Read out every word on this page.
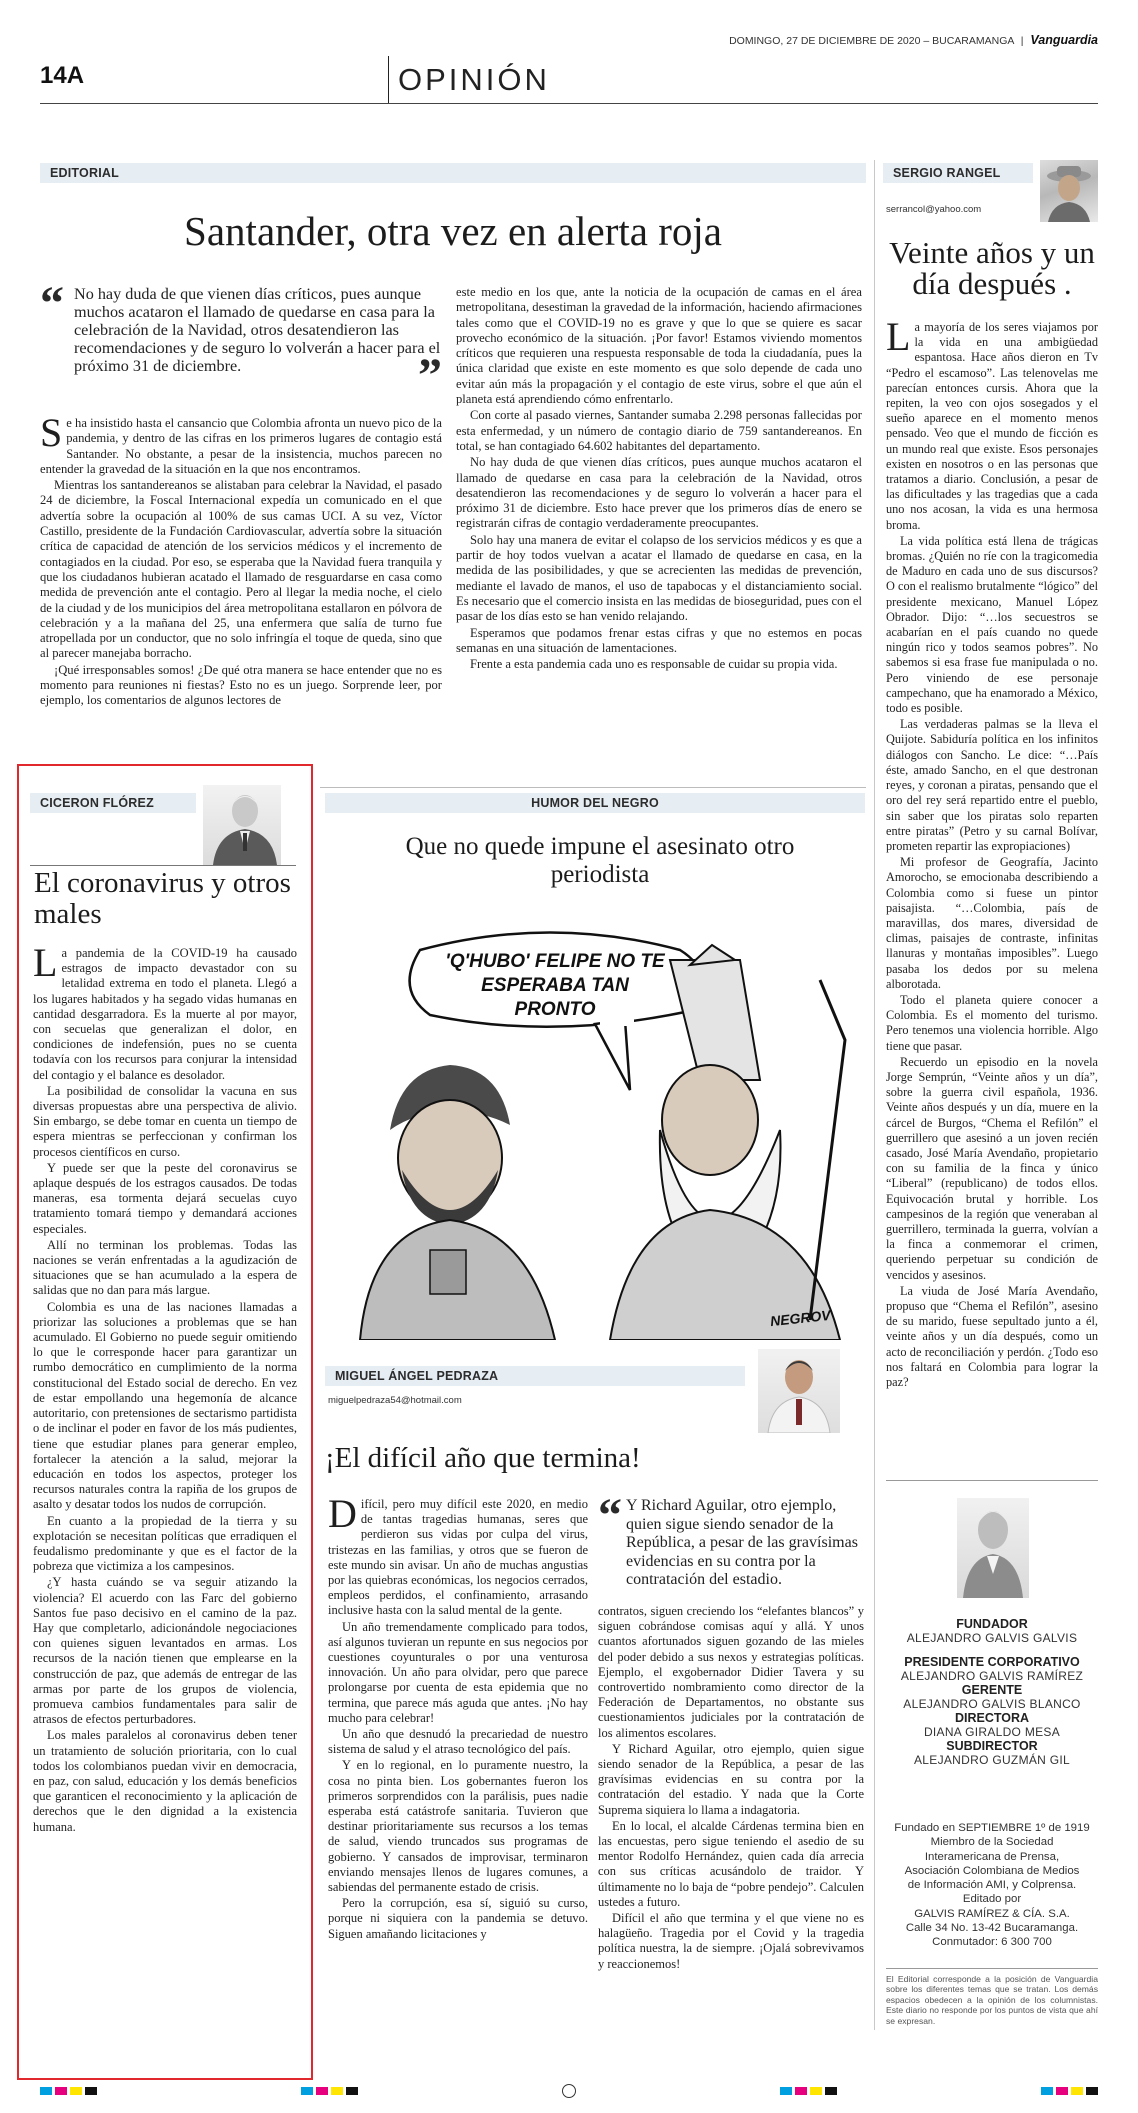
14A	OPINIÓN
DOMINGO, 27 DE DICIEMBRE DE 2020 – BUCARAMANGA | Vanguardia
EDITORIAL
Santander, otra vez en alerta roja
“ No hay duda de que vienen días críticos, pues aunque muchos acataron el llamado de quedarse en casa para la celebración de la Navidad, otros desatendieron las recomendaciones y de seguro lo volverán a hacer para el próximo 31 de diciembre.	”

Se ha insistido hasta el cansancio que Colombia afronta un nuevo pico de la pandemia, y dentro de las cifras en los primeros lugares de contagio está Santander. No obstante, a pesar de la insistencia, muchos parecen no entender la gravedad de la situación en la que nos encontramos.

Mientras los santandereanos se alistaban para celebrar la Navidad, el pasado 24 de diciembre, la Foscal Internacional expedía un comunicado en el que advertía sobre la ocupación al 100% de sus camas UCI. A su vez, Víctor Castillo, presidente de la Fundación Cardiovascular, advertía sobre la situación crítica de capacidad de atención de los servicios médicos y el incremento de contagiados en la ciudad. Por eso, se esperaba que la Navidad fuera tranquila y que los ciudadanos hubieran acatado el llamado de resguardarse en casa como medida de prevención ante el contagio. Pero al llegar la media noche, el cielo de la ciudad y de los municipios del área metropolitana estallaron en pólvora de celebración y a la mañana del 25, una enfermera que salía de turno fue atropellada por un conductor, que no solo infringía el toque de queda, sino que al parecer manejaba borracho.

¡Qué irresponsables somos! ¿De qué otra manera se hace entender que no es momento para reuniones ni fiestas? Esto no es un juego. Sorprende leer, por ejemplo, los comentarios de algunos lectores de

este medio en los que, ante la noticia de la ocupación de camas en el área metropolitana, desestiman la gravedad de la información, haciendo afirmaciones tales como que el COVID-19 no es grave y que lo que se quiere es sacar provecho económico de la situación. ¡Por favor! Estamos viviendo momentos críticos que requieren una respuesta responsable de toda la ciudadanía, pues la única claridad que existe en este momento es que solo depende de cada uno evitar aún más la propagación y el contagio de este virus, sobre el que aún el planeta está aprendiendo cómo enfrentarlo.

Con corte al pasado viernes, Santander sumaba 2.298 personas fallecidas por esta enfermedad, y un número de contagio diario de 759 santandereanos. En total, se han contagiado 64.602 habitantes del departamento.

No hay duda de que vienen días críticos, pues aunque muchos acataron el llamado de quedarse en casa para la celebración de la Navidad, otros desatendieron las recomendaciones y de seguro lo volverán a hacer para el próximo 31 de diciembre. Esto hace prever que los primeros días de enero se registrarán cifras de contagio verdaderamente preocupantes.

Solo hay una manera de evitar el colapso de los servicios médicos y es que a partir de hoy todos vuelvan a acatar el llamado de quedarse en casa, en la medida de las posibilidades, y que se acrecienten las medidas de prevención, mediante el lavado de manos, el uso de tapabocas y el distanciamiento social. Es necesario que el comercio insista en las medidas de bioseguridad, pues con el pasar de los días esto se han venido relajando.

Esperamos que podamos frenar estas cifras y que no estemos en pocas semanas en una situación de lamentaciones.

Frente a esta pandemia cada uno es responsable de cuidar su propia vida.

SERGIO RANGEL
serrancol@yahoo.com
Veinte años y un día después .

La mayoría de los seres viajamos por la vida en una ambigüedad espantosa. Hace años dieron en Tv “Pedro el escamoso”. Las telenovelas me parecían entonces cursis. Ahora que la repiten, la veo con ojos sosegados y el sueño aparece en el momento menos pensado. Veo que el mundo de ficción es un mundo real que existe. Esos personajes existen en nosotros o en las personas que tratamos a diario. Conclusión, a pesar de las dificultades y las tragedias que a cada uno nos acosan, la vida es una hermosa broma.

La vida política está llena de trágicas bromas. ¿Quién no ríe con la tragicomedia de Maduro en cada uno de sus discursos? O con el realismo brutalmente “lógico” del presidente mexicano, Manuel López Obrador. Dijo: “…los secuestros se acabarían en el país cuando no quede ningún rico y todos seamos pobres”. No sabemos si esa frase fue manipulada o no. Pero viniendo de ese personaje campechano, que ha enamorado a México, todo es posible.

Las verdaderas palmas se la lleva el Quijote. Sabiduría política en los infinitos diálogos con Sancho. Le dice: “…País éste, amado Sancho, en el que destronan reyes, y coronan a piratas, pensando que el oro del rey será repartido entre el pueblo, sin saber que los piratas solo reparten entre piratas” (Petro y su carnal Bolívar, prometen repartir las expropiaciones)

Mi profesor de Geografía, Jacinto Amorocho, se emocionaba describiendo a Colombia como si fuese un pintor paisajista. “…Colombia, país de maravillas, dos mares, diversidad de climas, paisajes de contraste, infinitas llanuras y montañas imposibles”. Luego pasaba los dedos por su melena alborotada.

Todo el planeta quiere conocer a Colombia. Es el momento del turismo. Pero tenemos una violencia horrible. Algo tiene que pasar.

Recuerdo un episodio en la novela Jorge Semprún, “Veinte años y un día”, sobre la guerra civil española, 1936. Veinte años después y un día, muere en la cárcel de Burgos, “Chema el Refilón” el guerrillero que asesinó a un joven recién casado, José María Avendaño, propietario con su familia de la finca y único “Liberal” (republicano) de todos ellos. Equivocación brutal y horrible. Los campesinos de la región que veneraban al guerrillero, terminada la guerra, volvían a la finca a conmemorar el crimen, queriendo perpetuar su condición de vencidos y asesinos.

La viuda de José María Avendaño, propuso que “Chema el Refilón”, asesino de su marido, fuese sepultado junto a él, veinte años y un día después, como un acto de reconciliación y perdón. ¿Todo eso nos faltará en Colombia para lograr la paz?

FUNDADOR
ALEJANDRO GALVIS GALVIS
PRESIDENTE CORPORATIVO
ALEJANDRO GALVIS RAMÍREZ
GERENTE
ALEJANDRO GALVIS BLANCO
DIRECTORA
DIANA GIRALDO MESA
SUBDIRECTOR
ALEJANDRO GUZMÁN GIL
Fundado en SEPTIEMBRE 1º de 1919
Miembro de la Sociedad
Interamericana de Prensa,
Asociación Colombiana de Medios
de Información AMI, y Colprensa.
Editado por
GALVIS RAMÍREZ & CÍA. S.A.
Calle 34 No. 13-42 Bucaramanga.
Conmutador: 6 300 700
El Editorial corresponde a la posición de Vanguardia sobre los diferentes temas que se tratan. Los demás espacios obedecen a la opinión de los columnistas. Este diario no responde por los puntos de vista que ahí se expresan.
CICERON FLÓREZ
El coronavirus y otros males

La pandemia de la COVID-19 ha causado estragos de impacto devastador con su letalidad extrema en todo el planeta. Llegó a los lugares habitados y ha segado vidas humanas en cantidad desgarradora. Es la muerte al por mayor, con secuelas que generalizan el dolor, en condiciones de indefensión, pues no se cuenta todavía con los recursos para conjurar la intensidad del contagio y el balance es desolador.

La posibilidad de consolidar la vacuna en sus diversas propuestas abre una perspectiva de alivio. Sin embargo, se debe tomar en cuenta un tiempo de espera mientras se perfeccionan y confirman los procesos científicos en curso.

Y puede ser que la peste del coronavirus se aplaque después de los estragos causados. De todas maneras, esa tormenta dejará secuelas cuyo tratamiento tomará tiempo y demandará acciones especiales.

Allí no terminan los problemas. Todas las naciones se verán enfrentadas a la agudización de situaciones que se han acumulado a la espera de salidas que no dan para más largue.

Colombia es una de las naciones llamadas a priorizar las soluciones a problemas que se han acumulado. El Gobierno no puede seguir omitiendo lo que le corresponde hacer para garantizar un rumbo democrático en cumplimiento de la norma constitucional del Estado social de derecho. En vez de estar empollando una hegemonía de alcance autoritario, con pretensiones de sectarismo partidista o de inclinar el poder en favor de los más pudientes, tiene que estudiar planes para generar empleo, fortalecer la atención a la salud, mejorar la educación en todos los aspectos, proteger los recursos naturales contra la rapiña de los grupos de asalto y desatar todos los nudos de corrupción.

En cuanto a la propiedad de la tierra y su explotación se necesitan políticas que erradiquen el feudalismo predominante y que es el factor de la pobreza que victimiza a los campesinos.

¿Y hasta cuándo se va seguir atizando la violencia? El acuerdo con las Farc del gobierno Santos fue paso decisivo en el camino de la paz. Hay que completarlo, adicionándole negociaciones con quienes siguen levantados en armas. Los recursos de la nación tienen que emplearse en la construcción de paz, que además de entregar de las armas por parte de los grupos de violencia, promueva cambios fundamentales para salir de atrasos de efectos perturbadores.

Los males paralelos al coronavirus deben tener un tratamiento de solución prioritaria, con lo cual todos los colombianos puedan vivir en democracia, en paz, con salud, educación y los demás beneficios que garanticen el reconocimiento y la aplicación de derechos que le den dignidad a la existencia humana.

HUMOR DEL NEGRO
Que no quede impune el asesinato otro periodista
'Q'HUBO' FELIPE NO TE ESPERABA TAN PRONTO
NEGROV
MIGUEL ÁNGEL PEDRAZA
miguelpedraza54@hotmail.com
¡El difícil año que termina!

Difícil, pero muy difícil este 2020, en medio de tantas tragedias humanas, seres que perdieron sus vidas por culpa del virus, tristezas en las familias, y otros que se fueron de este mundo sin avisar. Un año de muchas angustias por las quiebras económicas, los negocios cerrados, empleos perdidos, el confinamiento, arrasando inclusive hasta con la salud mental de la gente.

Un año tremendamente complicado para todos, así algunos tuvieran un repunte en sus negocios por cuestiones coyunturales o por una venturosa innovación. Un año para olvidar, pero que parece prolongarse por cuenta de esta epidemia que no termina, que parece más aguda que antes. ¡No hay mucho para celebrar!

Un año que desnudó la precariedad de nuestro sistema de salud y el atraso tecnológico del país.

Y en lo regional, en lo puramente nuestro, la cosa no pinta bien. Los gobernantes fueron los primeros sorprendidos con la parálisis, pues nadie esperaba está catástrofe sanitaria. Tuvieron que destinar prioritariamente sus recursos a los temas de salud, viendo truncados sus programas de gobierno. Y cansados de improvisar, terminaron enviando mensajes llenos de lugares comunes, a sabiendas del permanente estado de crisis.

Pero la corrupción, esa sí, siguió su curso, porque ni siquiera con la pandemia se detuvo. Siguen amañando licitaciones y

“ Y Richard Aguilar, otro ejemplo, quien sigue siendo senador de la República, a pesar de las gravísimas evidencias en su contra por la contratación del estadio.

contratos, siguen creciendo los “elefantes blancos” y siguen cobrándose comisas aquí y allá. Y unos cuantos afortunados siguen gozando de las mieles del poder debido a sus nexos y estrategias políticas. Ejemplo, el exgobernador Didier Tavera y su controvertido nombramiento como director de la Federación de Departamentos, no obstante sus cuestionamientos judiciales por la contratación de los alimentos escolares.

Y Richard Aguilar, otro ejemplo, quien sigue siendo senador de la República, a pesar de las gravísimas evidencias en su contra por la contratación del estadio. Y nada que la Corte Suprema siquiera lo llama a indagatoria.

En lo local, el alcalde Cárdenas termina bien en las encuestas, pero sigue teniendo el asedio de su mentor Rodolfo Hernández, quien cada día arrecia con sus críticas acusándolo de traidor. Y últimamente no lo baja de “pobre pendejo”. Calculen ustedes a futuro.

Difícil el año que termina y el que viene no es halagüeño. Tragedia por el Covid y la tragedia política nuestra, la de siempre. ¡Ojalá sobrevivamos y reaccionemos!
